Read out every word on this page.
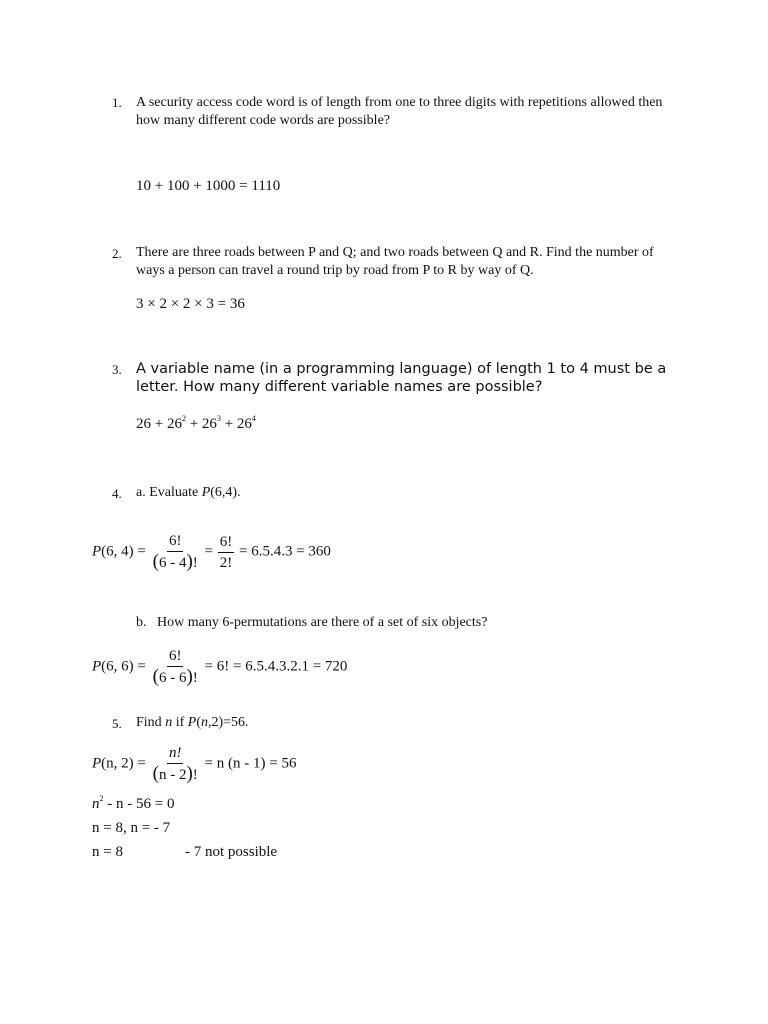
1. A security access code word is of length from one to three digits with repetitions allowed then
how many different code words are possible?
10 + 100 + 1000 = 1110
2. There are three roads between P and Q; and two roads between Q and R. Find the number of
ways a person can travel a round trip by road from P to R by way of Q.
3 × 2 × 2 × 3 = 36
3. A variable name (in a programming language) of length 1 to 4 must be a
letter. How many different variable names are possible?
$26 + 26^2 + 26^3 + 26^4$
4. a. Evaluate P(6,4).
P(6, $4) = \frac{6!}{(6 - 4)!} = \frac{6!}{2!} = 6.5.4.3 = 360$
b. How many 6-permutations are there of a set of six objects?
P(6, $6) = \frac{6!}{(6 - 6)!} = 6$! = 6.5.4.3.2.1 = 720
5. Find n if P(n,2)=56.
P(n, $2) = \frac{n!}{(n - 2)!} = n$ (n - 1) = 56
$n^2 - n - 56 = 0$
n = 8, n = - 7
n = 8	- 7 not possible
